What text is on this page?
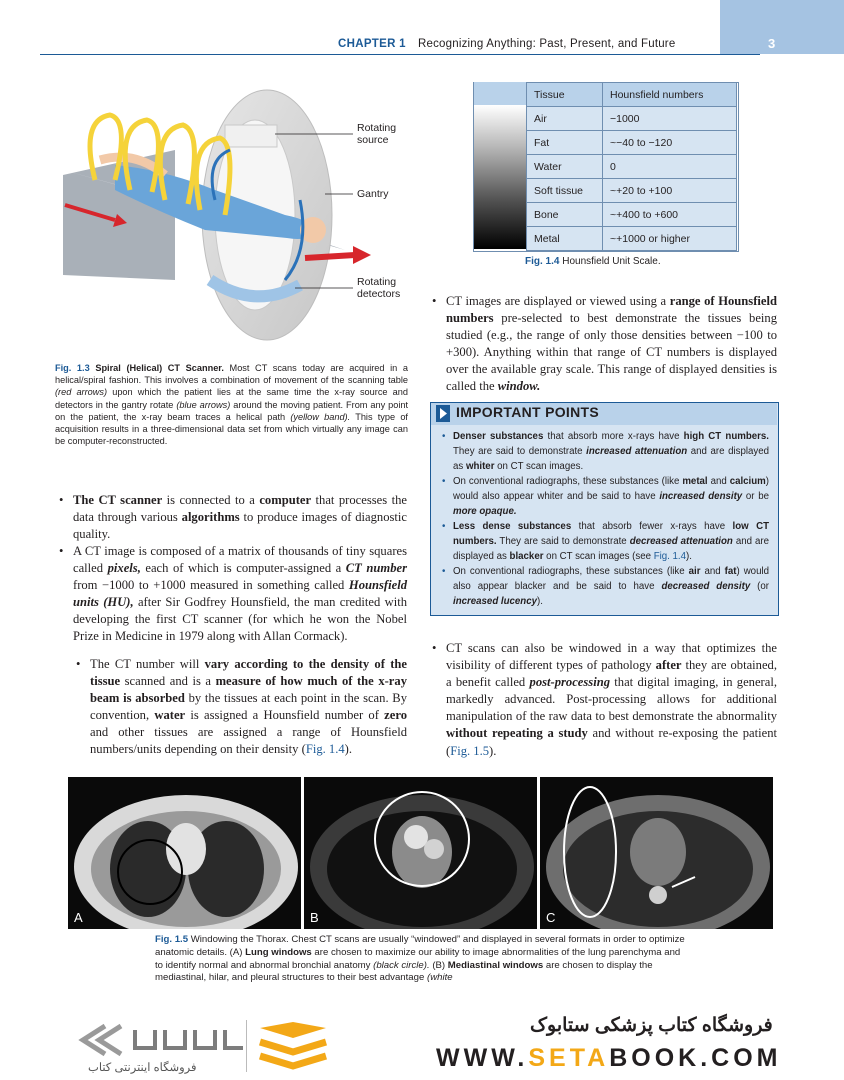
CHAPTER 1 Recognizing Anything: Past, Present, and Future	3
Rotating
source
Gantry
Rotating
detectors
Fig. 1.3 Spiral (Helical) CT Scanner. Most CT scans today are acquired in a helical/spiral fashion. This involves a combination of movement of the scanning table (red arrows) upon which the patient lies at the same time the x-ray source and detectors in the gantry rotate (blue arrows) around the moving patient. From any point on the patient, the x-ray beam traces a helical path (yellow band). This type of acquisition results in a three-dimensional data set from which virtually any image can be computer-reconstructed.
Tissue	Hounsfield numbers
Air	−1000
Fat	~−40 to −120
Water	0
Soft tissue	~+20 to +100
Bone	~+400 to +600
Metal	~+1000 or higher
Fig. 1.4 Hounsfield Unit Scale.
• The CT scanner is connected to a computer that processes the data through various algorithms to produce images of diagnostic quality.
• A CT image is composed of a matrix of thousands of tiny squares called pixels, each of which is computer-assigned a CT number from −1000 to +1000 measured in something called Hounsfield units (HU), after Sir Godfrey Hounsfield, the man credited with developing the first CT scanner (for which he won the Nobel Prize in Medicine in 1979 along with Allan Cormack).
• The CT number will vary according to the density of the tissue scanned and is a measure of how much of the x-ray beam is absorbed by the tissues at each point in the scan. By convention, water is assigned a Hounsfield number of zero and other tissues are assigned a range of Hounsfield numbers/units depending on their density (Fig. 1.4).
• CT images are displayed or viewed using a range of Hounsfield numbers pre-selected to best demonstrate the tissues being studied (e.g., the range of only those densities between −100 to +300). Anything within that range of CT numbers is displayed over the available gray scale. This range of displayed densities is called the window.
IMPORTANT POINTS
• Denser substances that absorb more x-rays have high CT numbers. They are said to demonstrate increased attenuation and are displayed as whiter on CT scan images.
• On conventional radiographs, these substances (like metal and calcium) would also appear whiter and be said to have increased density or be more opaque.
• Less dense substances that absorb fewer x-rays have low CT numbers. They are said to demonstrate decreased attenuation and are displayed as blacker on CT scan images (see Fig. 1.4).
• On conventional radiographs, these substances (like air and fat) would also appear blacker and be said to have decreased density (or increased lucency).
• CT scans can also be windowed in a way that optimizes the visibility of different types of pathology after they are obtained, a benefit called post-processing that digital imaging, in general, markedly advanced. Post-processing allows for additional manipulation of the raw data to best demonstrate the abnormality without repeating a study and without re-exposing the patient (Fig. 1.5).
A	B	C
Fig. 1.5 Windowing the Thorax. Chest CT scans are usually “windowed” and displayed in several formats in order to optimize anatomic details. (A) Lung windows are chosen to maximize our ability to image abnormalities of the lung parenchyma and to identify normal and abnormal bronchial anatomy (black circle). (B) Mediastinal windows are chosen to display the mediastinal, hilar, and pleural structures to their best advantage (white
فروشگاه اینترنتی کتاب
فروشگاه کتاب پزشکی ستابوک
WWW.SETABOOK.COM
